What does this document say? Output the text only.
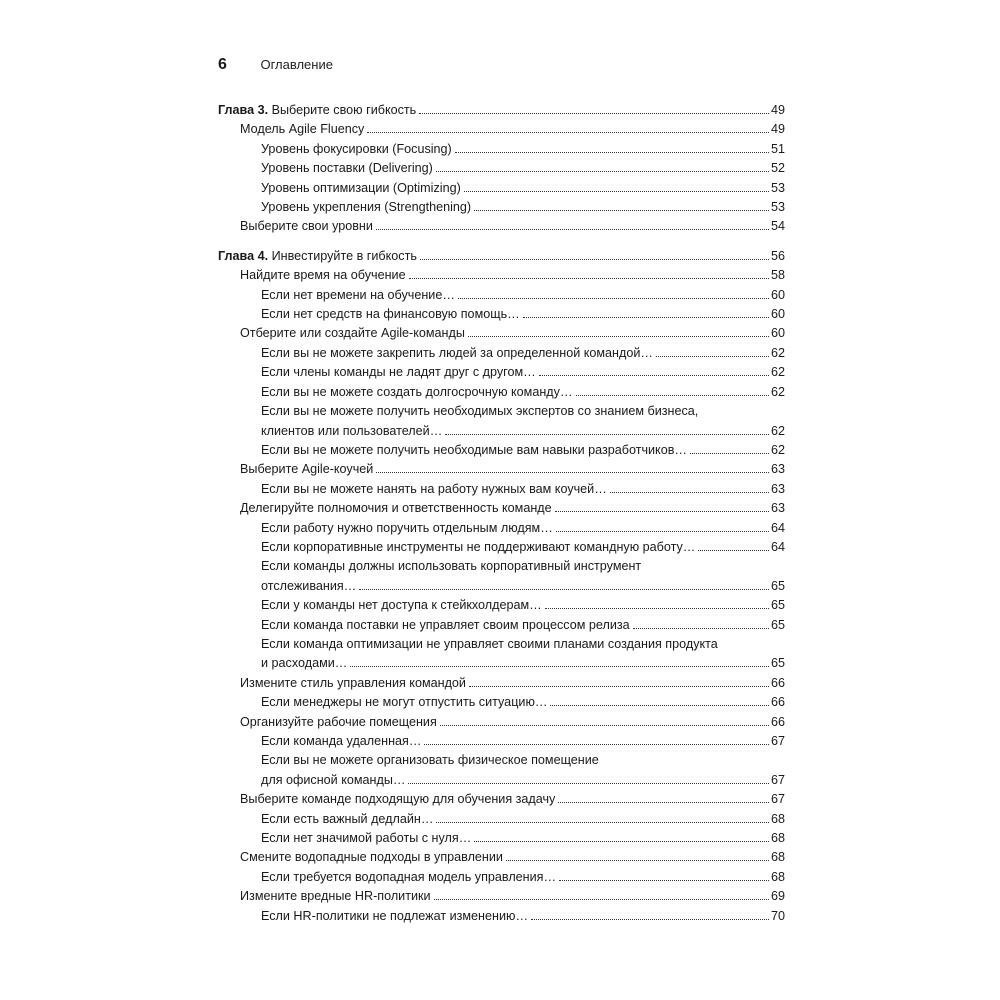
6	Оглавление
Глава 3. Выберите свою гибкость	49
Модель Agile Fluency	49
Уровень фокусировки (Focusing)	51
Уровень поставки (Delivering)	52
Уровень оптимизации (Optimizing)	53
Уровень укрепления (Strengthening)	53
Выберите свои уровни	54
Глава 4. Инвестируйте в гибкость	56
Найдите время на обучение	58
Если нет времени на обучение…	60
Если нет средств на финансовую помощь…	60
Отберите или создайте Agile-команды	60
Если вы не можете закрепить людей за определенной командой…	62
Если члены команды не ладят друг с другом…	62
Если вы не можете создать долгосрочную команду…	62
Если вы не можете получить необходимых экспертов со знанием бизнеса,
клиентов или пользователей…	62
Если вы не можете получить необходимые вам навыки разработчиков…	62
Выберите Agile-коучей	63
Если вы не можете нанять на работу нужных вам коучей…	63
Делегируйте полномочия и ответственность команде	63
Если работу нужно поручить отдельным людям…	64
Если корпоративные инструменты не поддерживают командную работу…	64
Если команды должны использовать корпоративный инструмент
отслеживания…	65
Если у команды нет доступа к стейкхолдерам…	65
Если команда поставки не управляет своим процессом релиза	65
Если команда оптимизации не управляет своими планами создания продукта
и расходами…	65
Измените стиль управления командой	66
Если менеджеры не могут отпустить ситуацию…	66
Организуйте рабочие помещения	66
Если команда удаленная…	67
Если вы не можете организовать физическое помещение
для офисной команды…	67
Выберите команде подходящую для обучения задачу	67
Если есть важный дедлайн…	68
Если нет значимой работы с нуля…	68
Смените водопадные подходы в управлении	68
Если требуется водопадная модель управления…	68
Измените вредные HR-политики	69
Если HR-политики не подлежат изменению…	70
